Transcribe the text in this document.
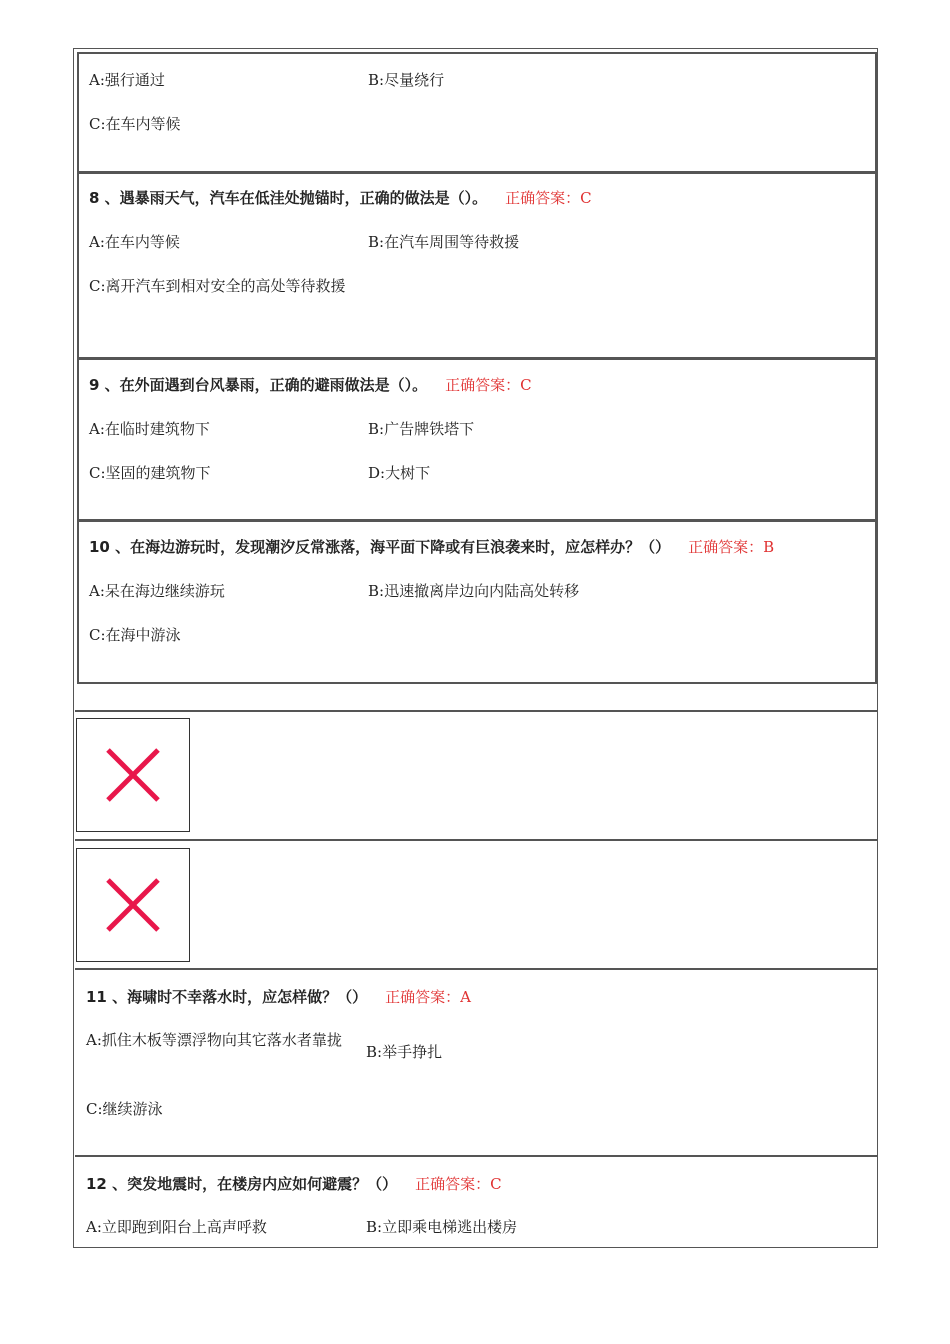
A:强行通过	B:尽量绕行
C:在车内等候
8 、遇暴雨天气，汽车在低洼处抛锚时，正确的做法是（）。 正确答案：C
A:在车内等候	B:在汽车周围等待救援
C:离开汽车到相对安全的高处等待救援
9 、在外面遇到台风暴雨，正确的避雨做法是（）。 正确答案：C
A:在临时建筑物下	B:广告牌铁塔下
C:坚固的建筑物下	D:大树下
10 、在海边游玩时，发现潮汐反常涨落，海平面下降或有巨浪袭来时，应怎样办？（） 正确答案：B
A:呆在海边继续游玩	B:迅速撤离岸边向内陆高处转移
C:在海中游泳
11 、海啸时不幸落水时，应怎样做？（） 正确答案：A
A:抓住木板等漂浮物向其它落水者靠拢
B:举手挣扎
C:继续游泳
12 、突发地震时，在楼房内应如何避震？（） 正确答案：C
A:立即跑到阳台上高声呼救	B:立即乘电梯逃出楼房
